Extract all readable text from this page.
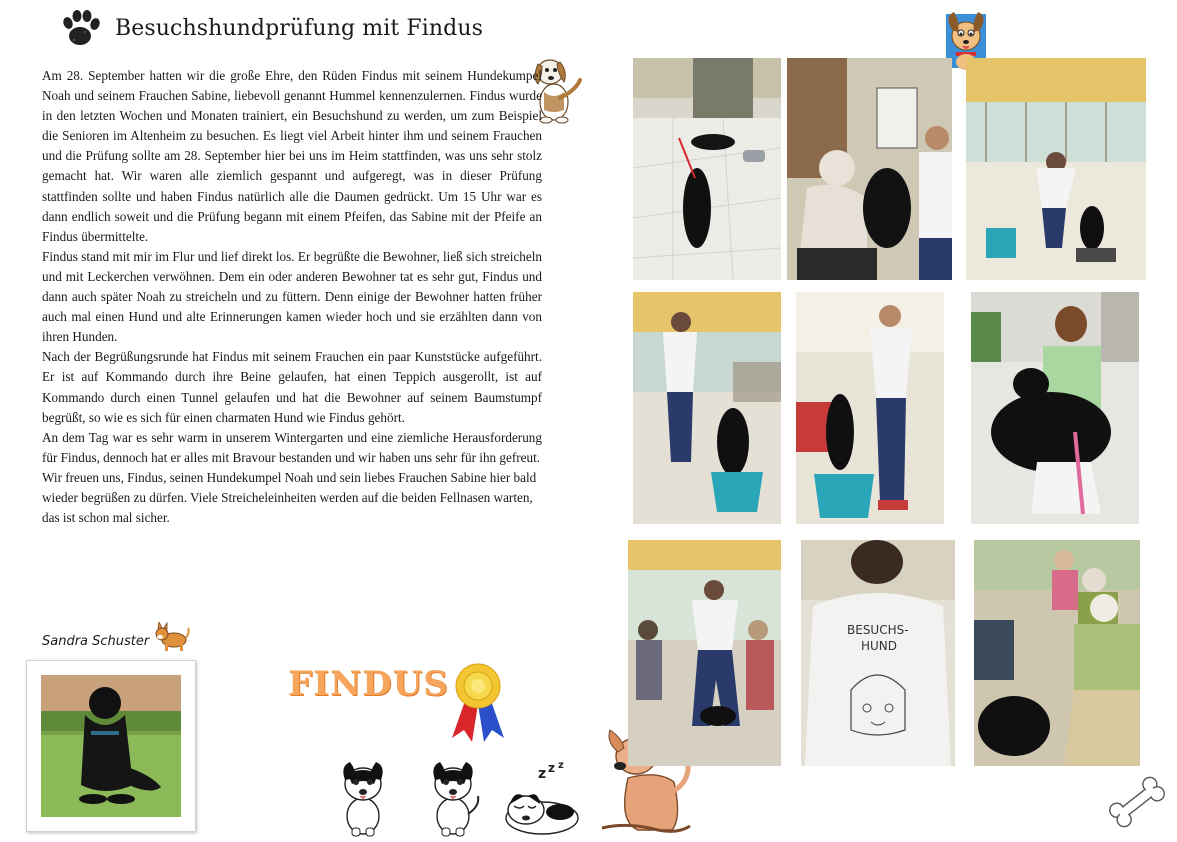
Besuchshundprüfung mit Findus

Am 28. September hatten wir die große Ehre, den Rüden Findus mit seinem Hundekumpel Noah und seinem Frauchen Sabine, liebevoll genannt Hummel kennenzulernen. Findus wurde in den letzten Wochen und Monaten trainiert, ein Besuchshund zu werden, um zum Beispiel die Senioren im Altenheim zu besuchen. Es liegt viel Arbeit hinter ihm und seinem Frauchen und die Prüfung sollte am 28. September hier bei uns im Heim stattfinden, was uns sehr stolz gemacht hat. Wir waren alle ziemlich gespannt und aufgeregt, was in dieser Prüfung stattfinden sollte und haben Findus natürlich alle die Daumen gedrückt. Um 15 Uhr war es dann endlich soweit und die Prüfung begann mit einem Pfeifen, das Sabine mit der Pfeife an Findus übermittelte.

Findus stand mit mir im Flur und lief direkt los. Er begrüßte die Bewohner, ließ sich streicheln und mit Leckerchen verwöhnen. Dem ein oder anderen Bewohner tat es sehr gut, Findus und dann auch später Noah zu streicheln und zu füttern. Denn einige der Bewohner hatten früher auch mal einen Hund und alte Erinnerungen kamen wieder hoch und sie erzählten dann von ihren Hunden.

Nach der Begrüßungsrunde hat Findus mit seinem Frauchen ein paar Kunststücke aufgeführt. Er ist auf Kommando durch ihre Beine gelaufen, hat einen Teppich ausgerollt, ist auf Kommando durch einen Tunnel gelaufen und hat die Bewohner auf seinem Baumstumpf begrüßt, so wie es sich für einen charmaten Hund wie Findus gehört.

An dem Tag war es sehr warm in unserem Wintergarten und eine ziemliche Herausforderung für Findus, dennoch hat er alles mit Bravour bestanden und wir haben uns sehr für ihn gefreut.

Wir freuen uns, Findus, seinen Hundekumpel Noah und sein liebes Frauchen Sabine hier bald wieder begrüßen zu dürfen. Viele Streicheleinheiten werden auf die beiden Fellnasen warten, das ist schon mal sicher.

Sandra Schuster
FINDUS
z z z
BESUCHS-
HUND
